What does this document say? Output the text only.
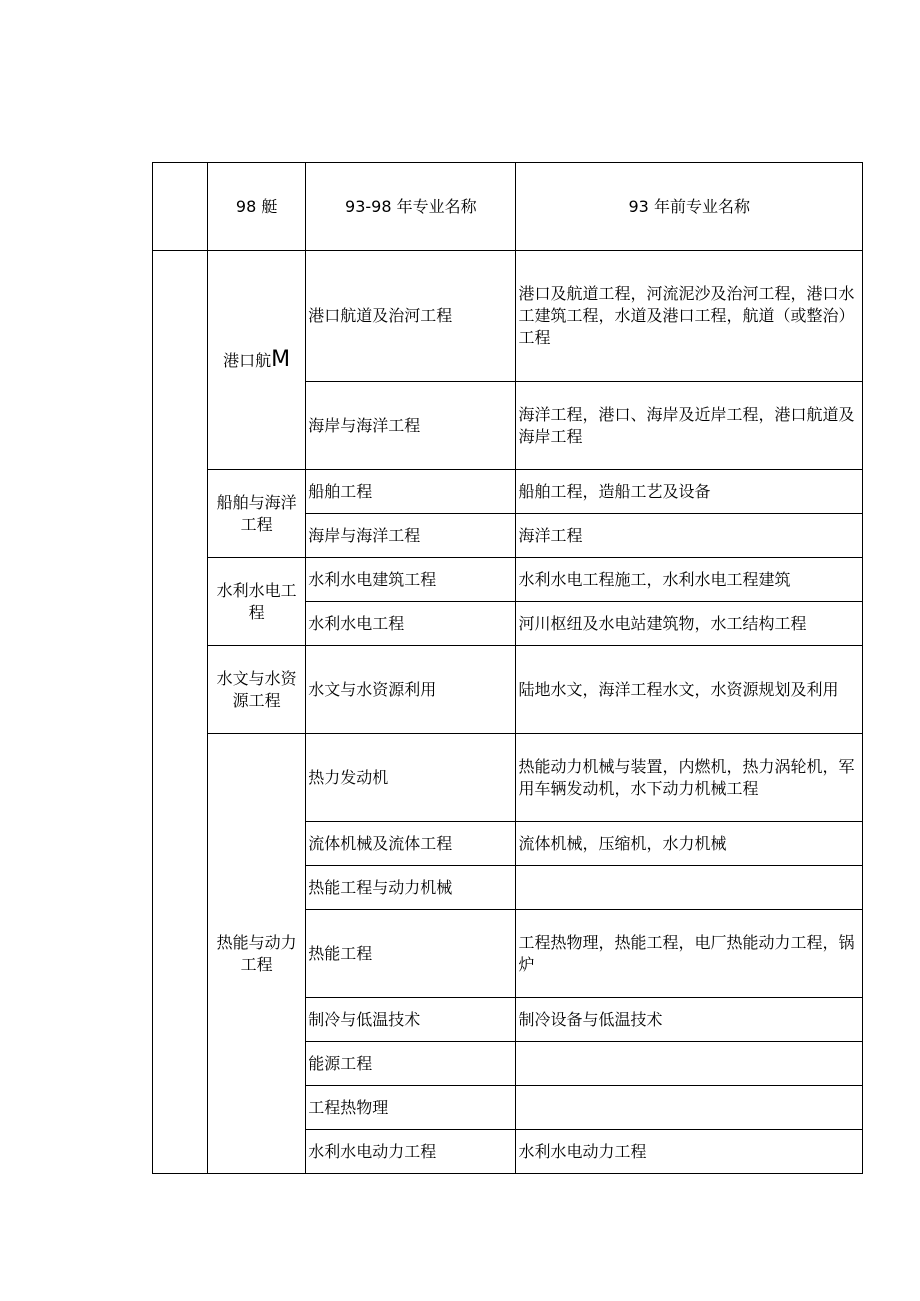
	98 艇	93-98 年专业名称	93 年前专业名称
	港口航M	港口航道及治河工程	港口及航道工程，河流泥沙及治河工程，港口水工建筑工程，水道及港口工程，航道（或整治）工程
		海岸与海洋工程	海洋工程，港口、海岸及近岸工程，港口航道及海岸工程
	船舶与海洋工程	船舶工程	船舶工程，造船工艺及设备
		海岸与海洋工程	海洋工程
	水利水电工程	水利水电建筑工程	水利水电工程施工，水利水电工程建筑
		水利水电工程	河川枢纽及水电站建筑物，水工结构工程
	水文与水资源工程	水文与水资源利用	陆地水文，海洋工程水文，水资源规划及利用
	热能与动力工程	热力发动机	热能动力机械与装置，内燃机，热力涡轮机，军用车辆发动机，水下动力机械工程
		流体机械及流体工程	流体机械，压缩机，水力机械
		热能工程与动力机械	
		热能工程	工程热物理，热能工程，电厂热能动力工程，锅炉
		制冷与低温技术	制冷设备与低温技术
		能源工程	
		工程热物理	
		水利水电动力工程	水利水电动力工程
